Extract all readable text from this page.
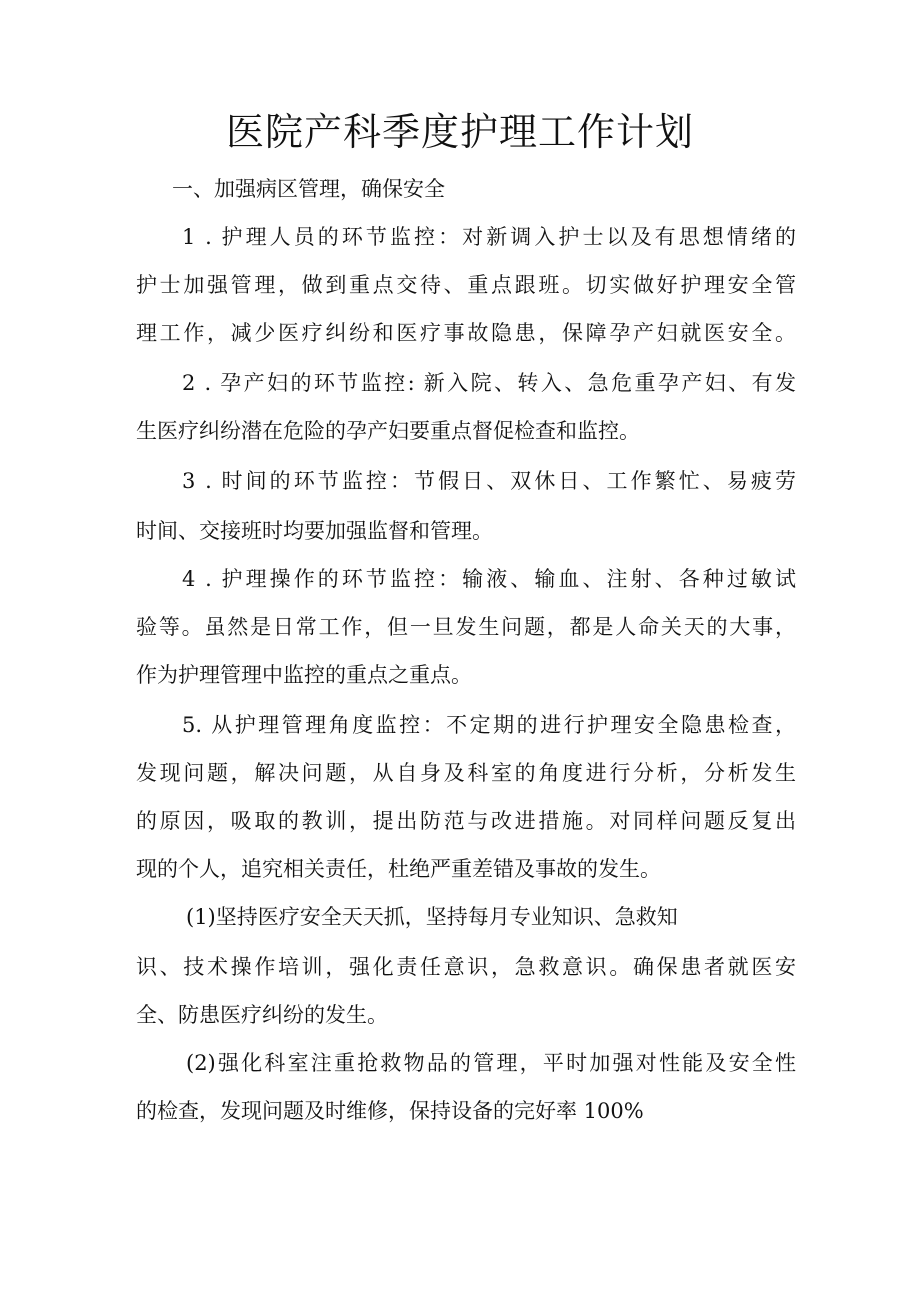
医院产科季度护理工作计划
一、加强病区管理，确保安全
1 . 护理人员的环节监控：对新调入护士以及有思想情绪的
护士加强管理，做到重点交待、重点跟班。切实做好护理安全管
理工作，减少医疗纠纷和医疗事故隐患，保障孕产妇就医安全。
2 . 孕产妇的环节监控: 新入院、转入、急危重孕产妇、有发
生医疗纠纷潜在危险的孕产妇要重点督促检查和监控。
3 . 时间的环节监控：节假日、双休日、工作繁忙、易疲劳
时间、交接班时均要加强监督和管理。
4 . 护理操作的环节监控：输液、输血、注射、各种过敏试
验等。虽然是日常工作，但一旦发生问题，都是人命关天的大事，
作为护理管理中监控的重点之重点。
5. 从护理管理角度监控：不定期的进行护理安全隐患检查，
发现问题，解决问题，从自身及科室的角度进行分析，分析发生
的原因，吸取的教训，提出防范与改进措施。对同样问题反复出
现的个人，追究相关责任，杜绝严重差错及事故的发生。
(1)坚持医疗安全天天抓，坚持每月专业知识、急救知
识、技术操作培训，强化责任意识，急救意识。确保患者就医安
全、防患医疗纠纷的发生。
(2)强化科室注重抢救物品的管理，平时加强对性能及安全性
的检查，发现问题及时维修，保持设备的完好率 100%
